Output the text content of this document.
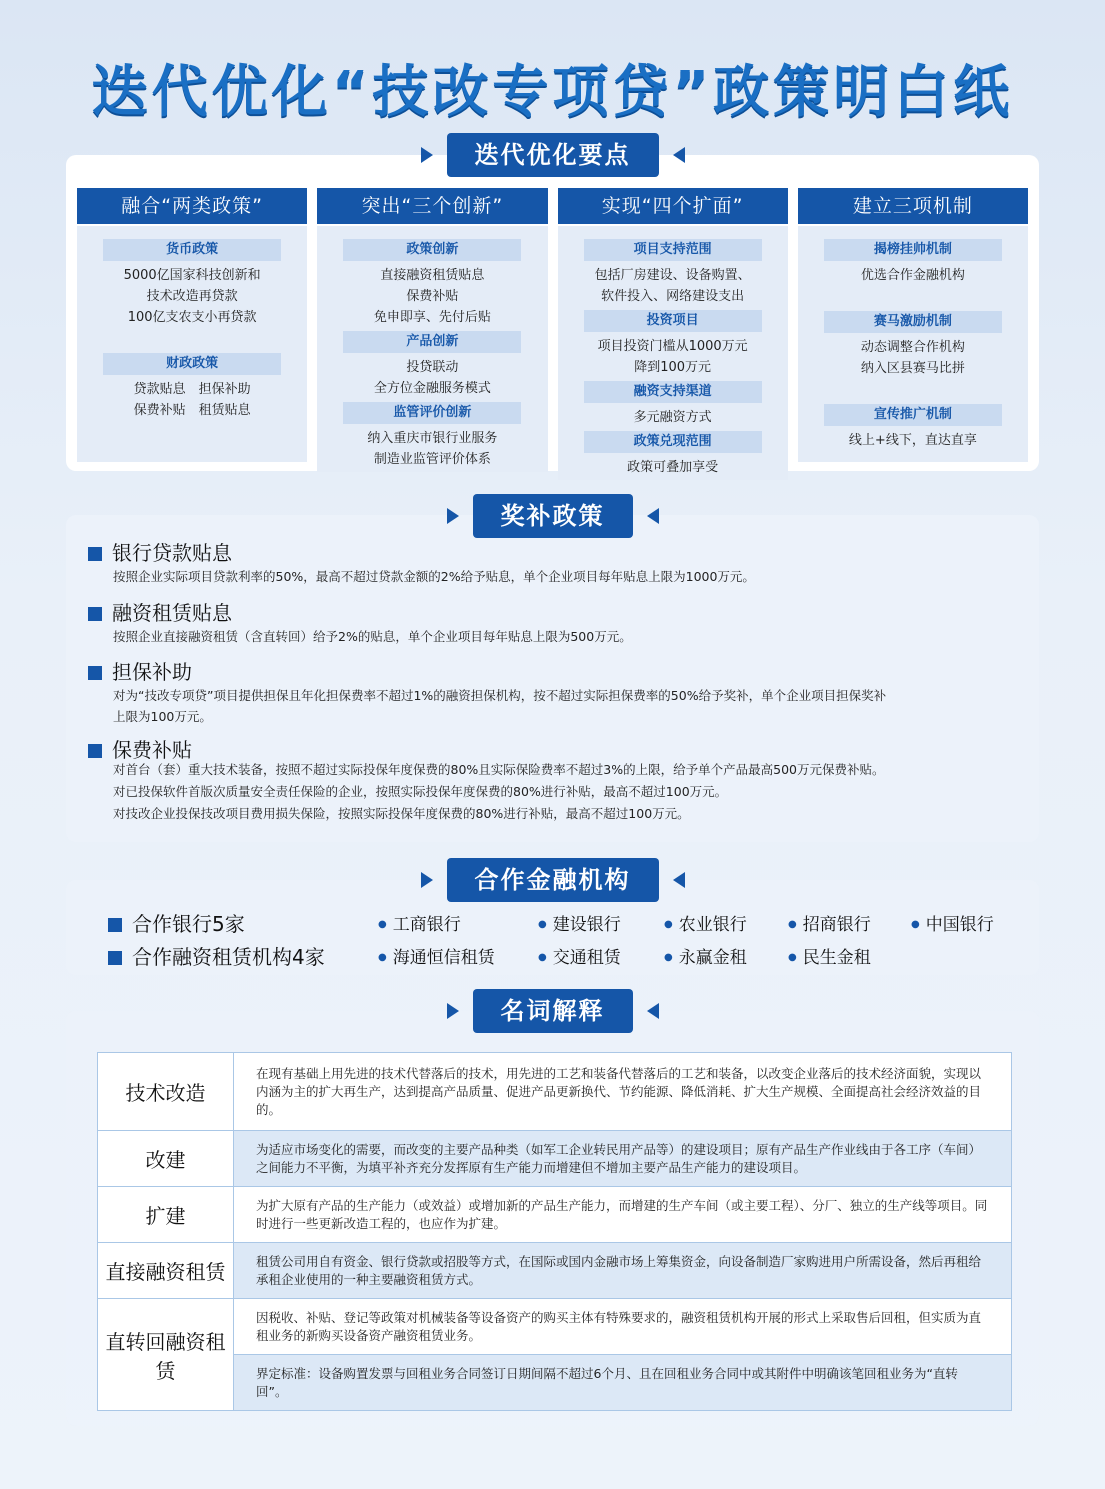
迭代优化“技改专项贷”政策明白纸
迭代优化要点
融合“两类政策”
货币政策
5000亿国家科技创新和
技术改造再贷款
100亿支农支小再贷款
财政政策
贷款贴息　担保补助
保费补贴　租赁贴息
突出“三个创新”
政策创新
直接融资租赁贴息
保费补贴
免申即享、先付后贴
产品创新
投贷联动
全方位金融服务模式
监管评价创新
纳入重庆市银行业服务
制造业监管评价体系
实现“四个扩面”
项目支持范围
包括厂房建设、设备购置、
软件投入、网络建设支出
投资项目
项目投资门槛从1000万元
降到100万元
融资支持渠道
多元融资方式
政策兑现范围
政策可叠加享受
建立三项机制
揭榜挂帅机制
优选合作金融机构
赛马激励机制
动态调整合作机构
纳入区县赛马比拼
宣传推广机制
线上+线下，直达直享
奖补政策
银行贷款贴息
按照企业实际项目贷款利率的50%，最高不超过贷款金额的2%给予贴息，单个企业项目每年贴息上限为1000万元。
融资租赁贴息
按照企业直接融资租赁（含直转回）给予2%的贴息，单个企业项目每年贴息上限为500万元。
担保补助
对为“技改专项贷”项目提供担保且年化担保费率不超过1%的融资担保机构，按不超过实际担保费率的50%给予奖补，单个企业项目担保奖补
上限为100万元。
保费补贴
对首台（套）重大技术装备，按照不超过实际投保年度保费的80%且实际保险费率不超过3%的上限，给予单个产品最高500万元保费补贴。
对已投保软件首版次质量安全责任保险的企业，按照实际投保年度保费的80%进行补贴，最高不超过100万元。
对技改企业投保技改项目费用损失保险，按照实际投保年度保费的80%进行补贴，最高不超过100万元。
合作金融机构
合作银行5家
合作融资租赁机构4家
● 工商银行	● 建设银行	● 农业银行	● 招商银行	● 中国银行
● 海通恒信租赁	● 交通租赁	● 永赢金租	● 民生金租
名词解释
技术改造	在现有基础上用先进的技术代替落后的技术，用先进的工艺和装备代替落后的工艺和装备，以改变企业落后的技术经济面貌，实现以内涵为主的扩大再生产，达到提高产品质量、促进产品更新换代、节约能源、降低消耗、扩大生产规模、全面提高社会经济效益的目的。
改建	为适应市场变化的需要，而改变的主要产品种类（如军工企业转民用产品等）的建设项目；原有产品生产作业线由于各工序（车间）之间能力不平衡，为填平补齐充分发挥原有生产能力而增建但不增加主要产品生产能力的建设项目。
扩建	为扩大原有产品的生产能力（或效益）或增加新的产品生产能力，而增建的生产车间（或主要工程）、分厂、独立的生产线等项目。同时进行一些更新改造工程的，也应作为扩建。
直接融资租赁	租赁公司用自有资金、银行贷款或招股等方式，在国际或国内金融市场上筹集资金，向设备制造厂家购进用户所需设备，然后再租给承租企业使用的一种主要融资租赁方式。
直转回融资租赁	因税收、补贴、登记等政策对机械装备等设备资产的购买主体有特殊要求的，融资租赁机构开展的形式上采取售后回租，但实质为直租业务的新购买设备资产融资租赁业务。
	界定标准：设备购置发票与回租业务合同签订日期间隔不超过6个月、且在回租业务合同中或其附件中明确该笔回租业务为“直转回”。
